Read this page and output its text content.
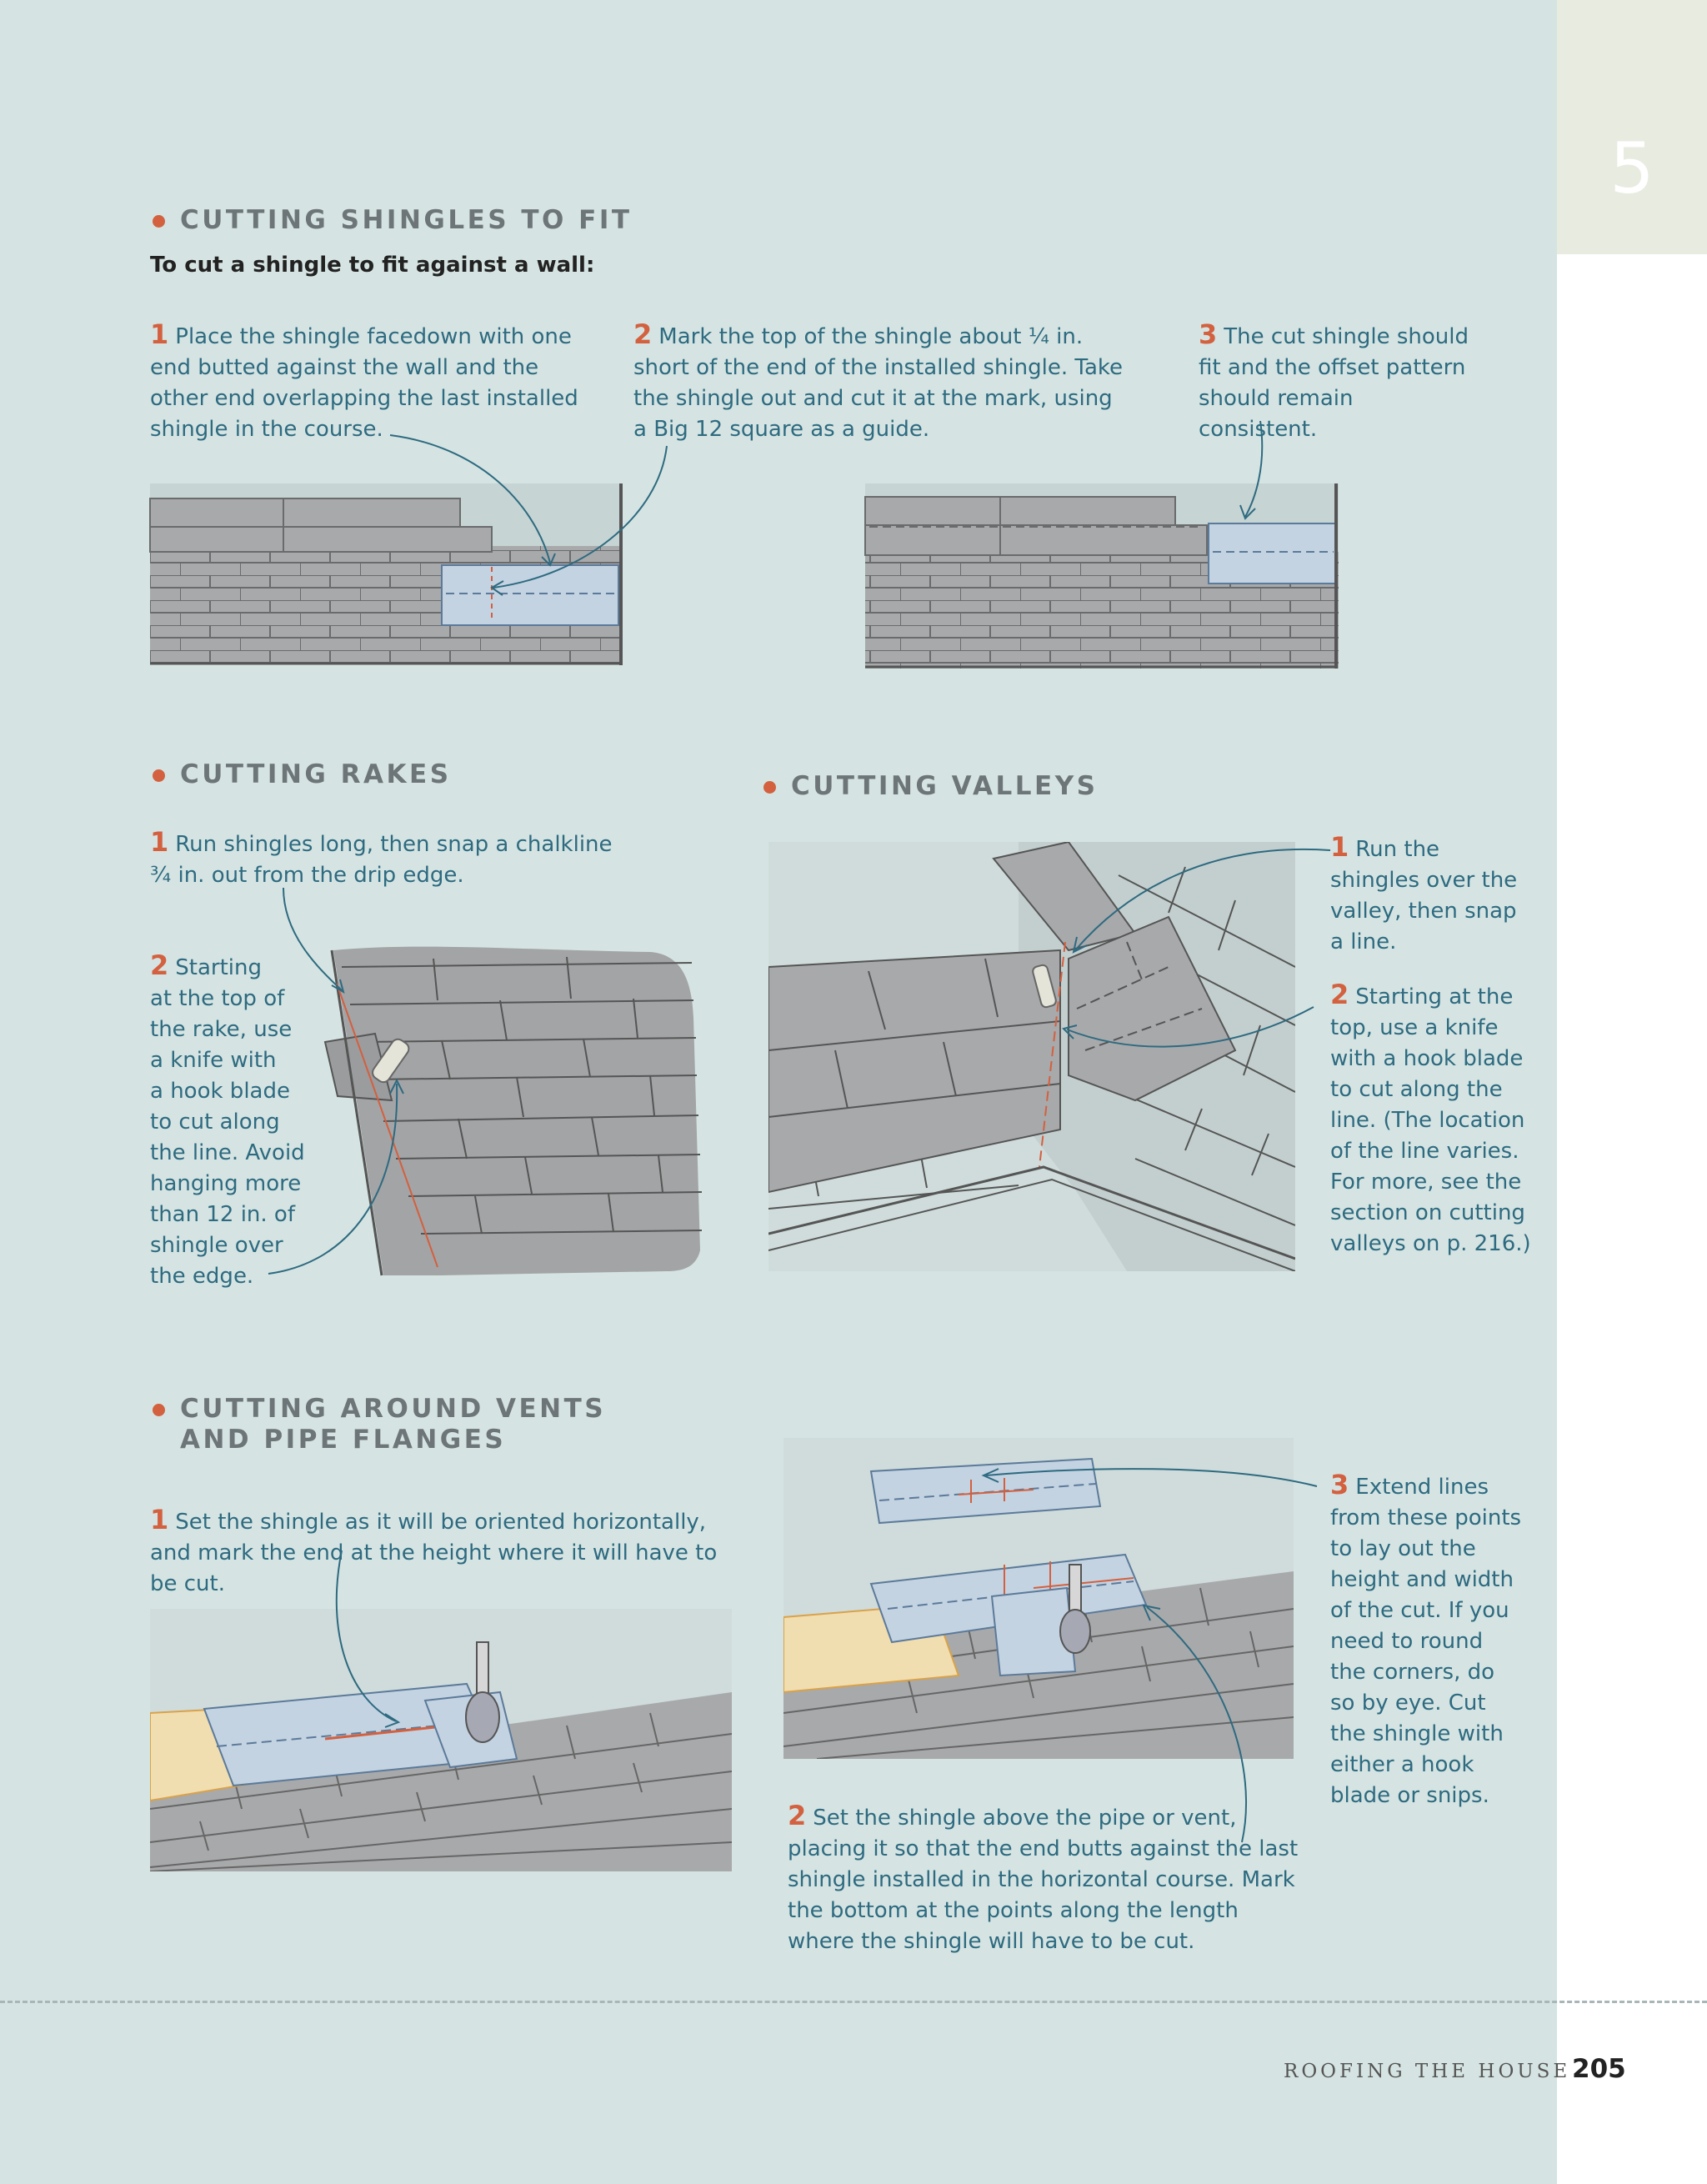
5
CUTTING SHINGLES TO FIT
To cut a shingle to fit against a wall:
1 Place the shingle facedown with one end butted against the wall and the other end overlapping the last installed shingle in the course.
2 Mark the top of the shingle about ¼ in. short of the end of the installed shingle. Take the shingle out and cut it at the mark, using a Big 12 square as a guide.
3 The cut shingle should fit and the offset pattern should remain consistent.
CUTTING RAKES
1 Run shingles long, then snap a chalkline ¾ in. out from the drip edge.

2 Starting

at the top of

the rake, use

a knife with

a hook blade

to cut along

the line. Avoid

hanging more

than 12 in. of

shingle over

the edge.

CUTTING VALLEYS

1 Run the

shingles over the

valley, then snap

a line.

2 Starting at the

top, use a knife

with a hook blade

to cut along the

line. (The location

of the line varies.

For more, see the

section on cutting

valleys on p. 216.)

CUTTING AROUND VENTS
AND PIPE FLANGES
1 Set the shingle as it will be oriented horizontally, and mark the end at the height where it will have to be cut.

3 Extend lines

from these points

to lay out the

height and width

of the cut. If you

need to round

the corners, do

so by eye. Cut

the shingle with

either a hook

blade or snips.

2 Set the shingle above the pipe or vent, placing it so that the end butts against the last shingle installed in the horizontal course. Mark the bottom at the points along the length where the shingle will have to be cut.
ROOFING THE HOUSE 205
